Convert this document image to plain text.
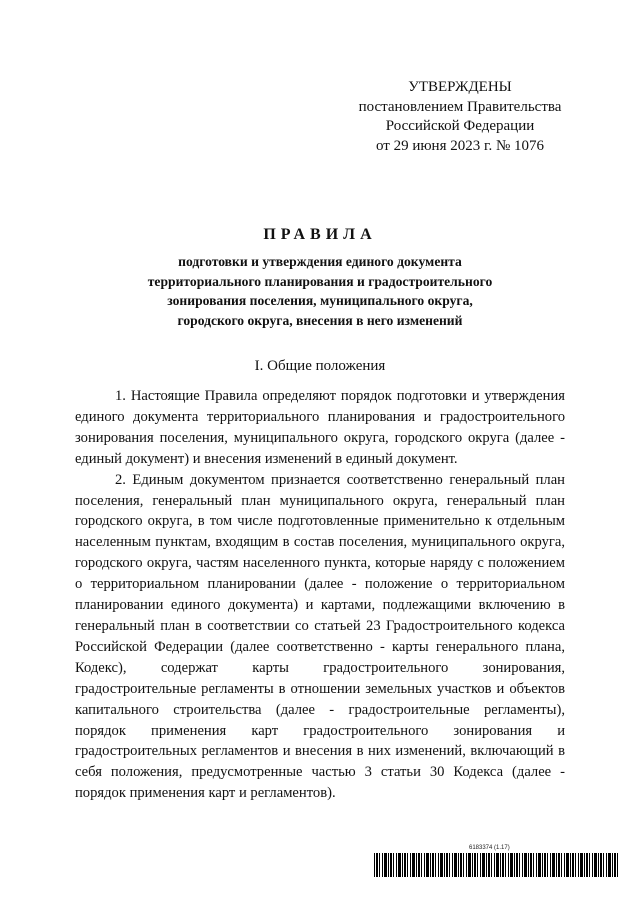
УТВЕРЖДЕНЫ
постановлением Правительства
Российской Федерации
от 29 июня 2023 г. № 1076
ПРАВИЛА
подготовки и утверждения единого документа
территориального планирования и градостроительного
зонирования поселения, муниципального округа,
городского округа, внесения в него изменений
I. Общие положения

1. Настоящие Правила определяют порядок подготовки и утверждения единого документа территориального планирования и градостроительного зонирования поселения, муниципального округа, городского округа (далее - единый документ) и внесения изменений в единый документ.

2. Единым документом признается соответственно генеральный план поселения, генеральный план муниципального округа, генеральный план городского округа, в том числе подготовленные применительно к отдельным населенным пунктам, входящим в состав поселения, муниципального округа, городского округа, частям населенного пункта, которые наряду с положением о территориальном планировании (далее - положение о территориальном планировании единого документа) и картами, подлежащими включению в генеральный план в соответствии со статьей 23 Градостроительного кодекса Российской Федерации (далее соответственно - карты генерального плана, Кодекс), содержат карты градостроительного зонирования, градостроительные регламенты в отношении земельных участков и объектов капитального строительства (далее - градостроительные регламенты), порядок применения карт градостроительного зонирования и градостроительных регламентов и внесения в них изменений, включающий в себя положения, предусмотренные частью 3 статьи 30 Кодекса (далее - порядок применения карт и регламентов).

6183374 (1.17)
